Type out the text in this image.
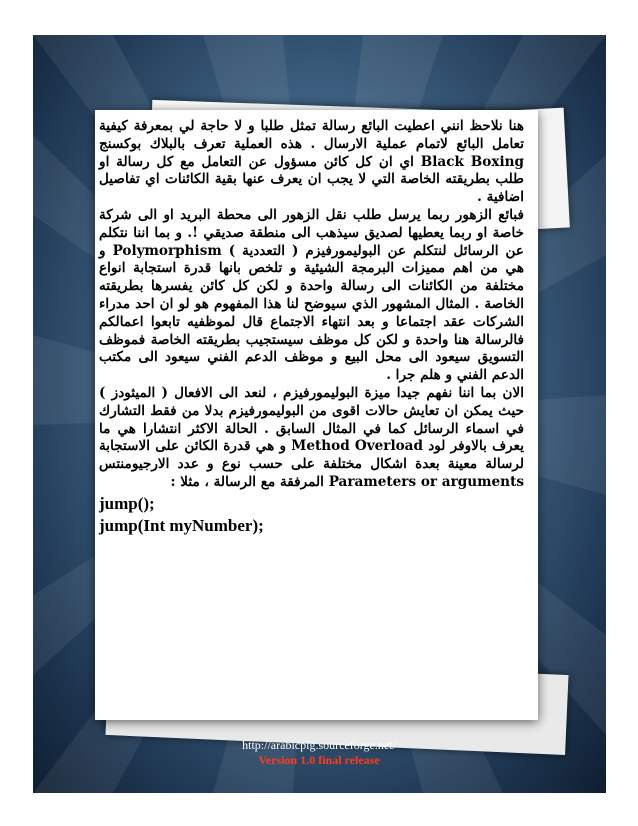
هنا نلاحظ انني اعطيت البائع رسالة تمثل طلبا و لا حاجة لي بمعرفة كيفية تعامل البائع لاتمام عملية الارسال . هذه العملية تعرف بالبلاك بوكسنج Black Boxing اي ان كل كائن مسؤول عن التعامل مع كل رسالة او طلب بطريقته الخاصة التي لا يجب ان يعرف عنها بقية الكائنات اي تفاصيل اضافية .

فبائع الزهور ربما يرسل طلب نقل الزهور الى محطة البريد او الى شركة خاصة او ربما يعطيها لصديق سيذهب الى منطقة صديقي !. و بما اننا نتكلم عن الرسائل لنتكلم عن البوليمورفيزم ( التعددية ) Polymorphism و هي من اهم مميزات البرمجة الشيئية و تلخص بانها قدرة استجابة انواع مختلفة من الكائنات الى رسالة واحدة و لكن كل كائن يفسرها بطريقته الخاصة . المثال المشهور الذي سيوضح لنا هذا المفهوم هو لو ان احد مدراء الشركات عقد اجتماعا و بعد انتهاء الاجتماع قال لموظفيه تابعوا اعمالكم فالرسالة هنا واحدة و لكن كل موظف سيستجيب بطريقته الخاصة فموظف التسويق سيعود الى محل البيع و موظف الدعم الفني سيعود الى مكتب الدعم الفني و هلم جرا .

الان بما اننا نفهم جيدا ميزة البوليمورفيزم ، لنعد الى الافعال ( الميثودز ) حيث يمكن ان تعايش حالات اقوى من البوليمورفيزم بدلا من فقط التشارك في اسماء الرسائل كما في المثال السابق . الحالة الاكثر انتشارا هي ما يعرف بالاوفر لود Method Overload و هي قدرة الكائن على الاستجابة لرسالة معينة بعدة اشكال مختلفة على حسب نوع و عدد الارجيومنتس Parameters or arguments المرفقة مع الرسالة ، مثلا :

jump();
jump(Int myNumber);
http://arabicplg.sourceforge.net/
Version 1.0 final release
